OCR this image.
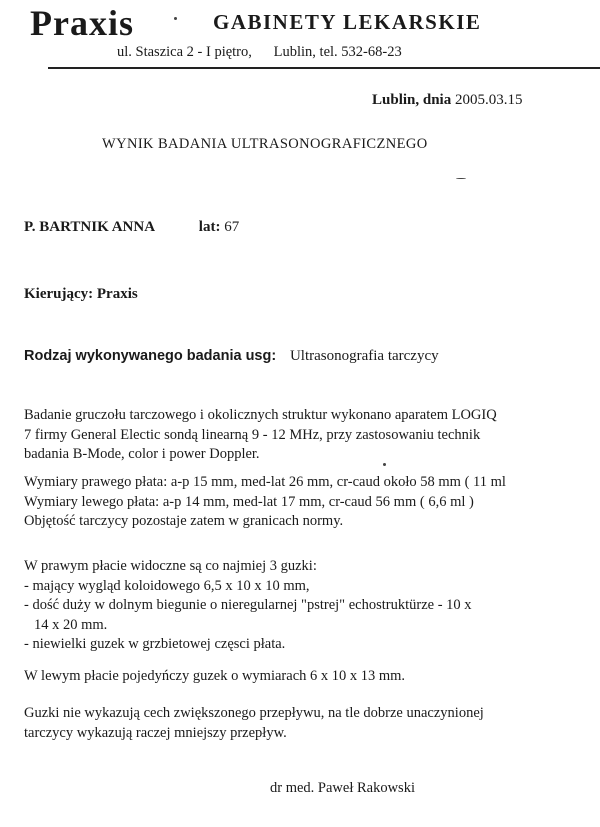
Praxis	GABINETY LEKARSKIE
ul. Staszica 2 - I piętro,      Lublin, tel. 532-68-23
Lublin, dnia 2005.03.15
WYNIK BADANIA ULTRASONOGRAFICZNEGO
P. BARTNIK ANNA	lat: 67
Kierujący: Praxis
Rodzaj wykonywanego badania usg: Ultrasonografia tarczycy
Badanie gruczołu tarczowego i okolicznych struktur wykonano aparatem LOGIQ
7 firmy General Electic sondą linearną 9 - 12 MHz, przy zastosowaniu technik
badania B-Mode, color i power Doppler.
Wymiary prawego płata: a-p 15 mm, med-lat 26 mm, cr-caud około 58 mm ( 11 ml
Wymiary lewego płata: a-p 14 mm, med-lat 17 mm, cr-caud 56 mm ( 6,6 ml )
Objętość tarczycy pozostaje zatem w granicach normy.
W prawym płacie widoczne są co najmiej 3 guzki:
- mający wygląd koloidowego 6,5 x 10 x 10 mm,
- dość duży w dolnym biegunie o nieregularnej "pstrej" echostruktürze - 10 x
14 x 20 mm.
- niewielki guzek w grzbietowej częsci płata.
W lewym płacie pojedyńczy guzek o wymiarach 6 x 10 x 13 mm.
Guzki nie wykazują cech zwiększonego przepływu, na tle dobrze unaczynionej
tarczycy wykazują raczej mniejszy przepływ.
dr med. Paweł Rakowski
